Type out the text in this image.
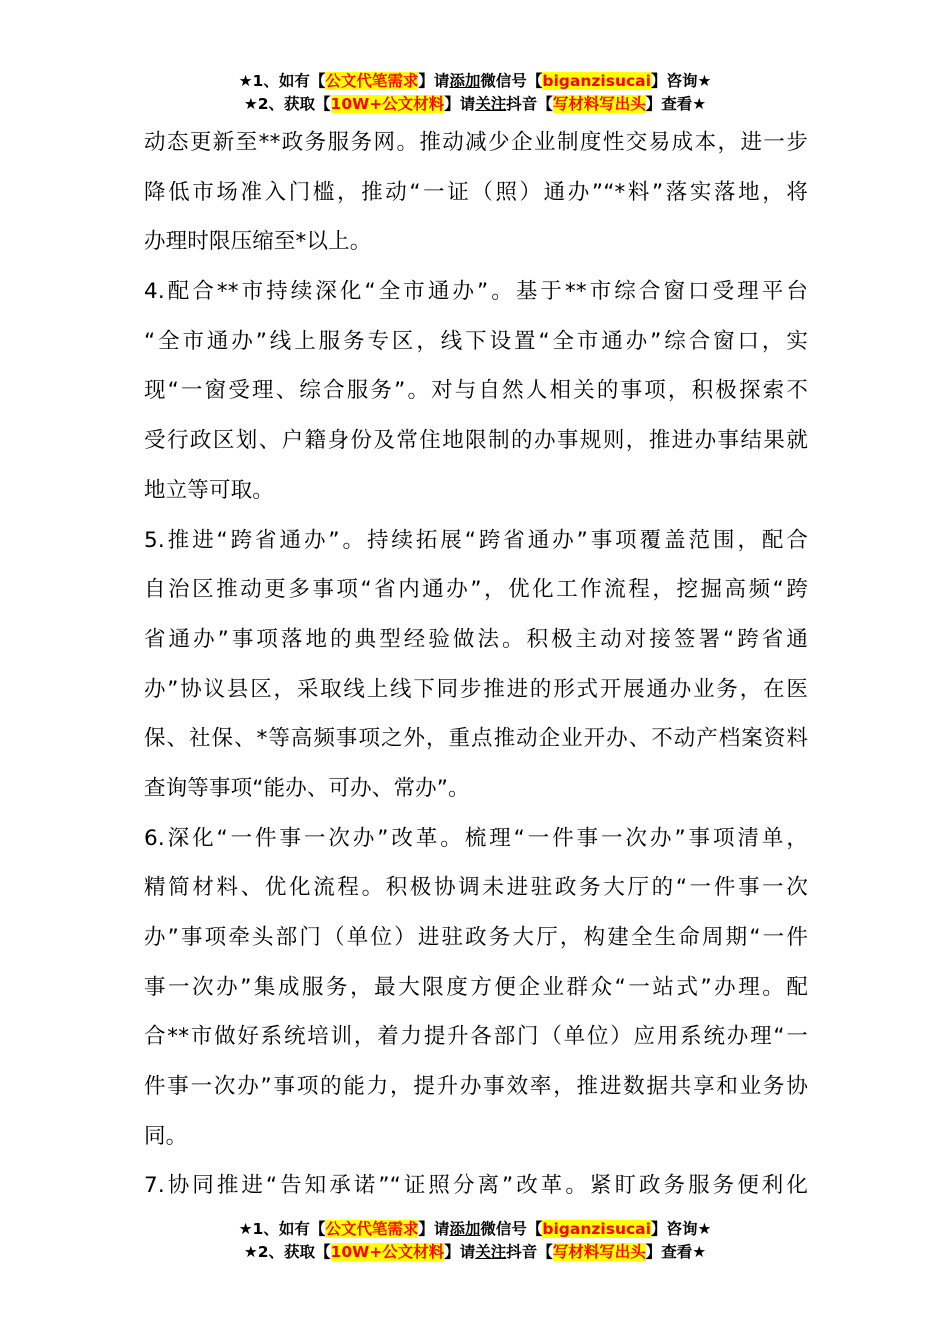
★1、如有【公文代笔需求】请添加微信号【biganzisucai】咨询★
★2、获取【10W+公文材料】请关注抖音【写材料写出头】查看★
动态更新至**政务服务网。推动减少企业制度性交易成本，进一步
降低市场准入门槛，推动“一证（照）通办”“*料”落实落地，将
办理时限压缩至*以上。
4.配合**市持续深化“全市通办”。基于**市综合窗口受理平台
“全市通办”线上服务专区，线下设置“全市通办”综合窗口，实
现“一窗受理、综合服务”。对与自然人相关的事项，积极探索不
受行政区划、户籍身份及常住地限制的办事规则，推进办事结果就
地立等可取。
5.推进“跨省通办”。持续拓展“跨省通办”事项覆盖范围，配合
自治区推动更多事项“省内通办”，优化工作流程，挖掘高频“跨
省通办”事项落地的典型经验做法。积极主动对接签署“跨省通
办”协议县区，采取线上线下同步推进的形式开展通办业务，在医
保、社保、*等高频事项之外，重点推动企业开办、不动产档案资料
查询等事项“能办、可办、常办”。
6.深化“一件事一次办”改革。梳理“一件事一次办”事项清单，
精简材料、优化流程。积极协调未进驻政务大厅的“一件事一次
办”事项牵头部门（单位）进驻政务大厅，构建全生命周期“一件
事一次办”集成服务，最大限度方便企业群众“一站式”办理。配
合**市做好系统培训，着力提升各部门（单位）应用系统办理“一
件事一次办”事项的能力，提升办事效率，推进数据共享和业务协
同。
7.协同推进“告知承诺”“证照分离”改革。紧盯政务服务便利化
★1、如有【公文代笔需求】请添加微信号【biganzisucai】咨询★
★2、获取【10W+公文材料】请关注抖音【写材料写出头】查看★
